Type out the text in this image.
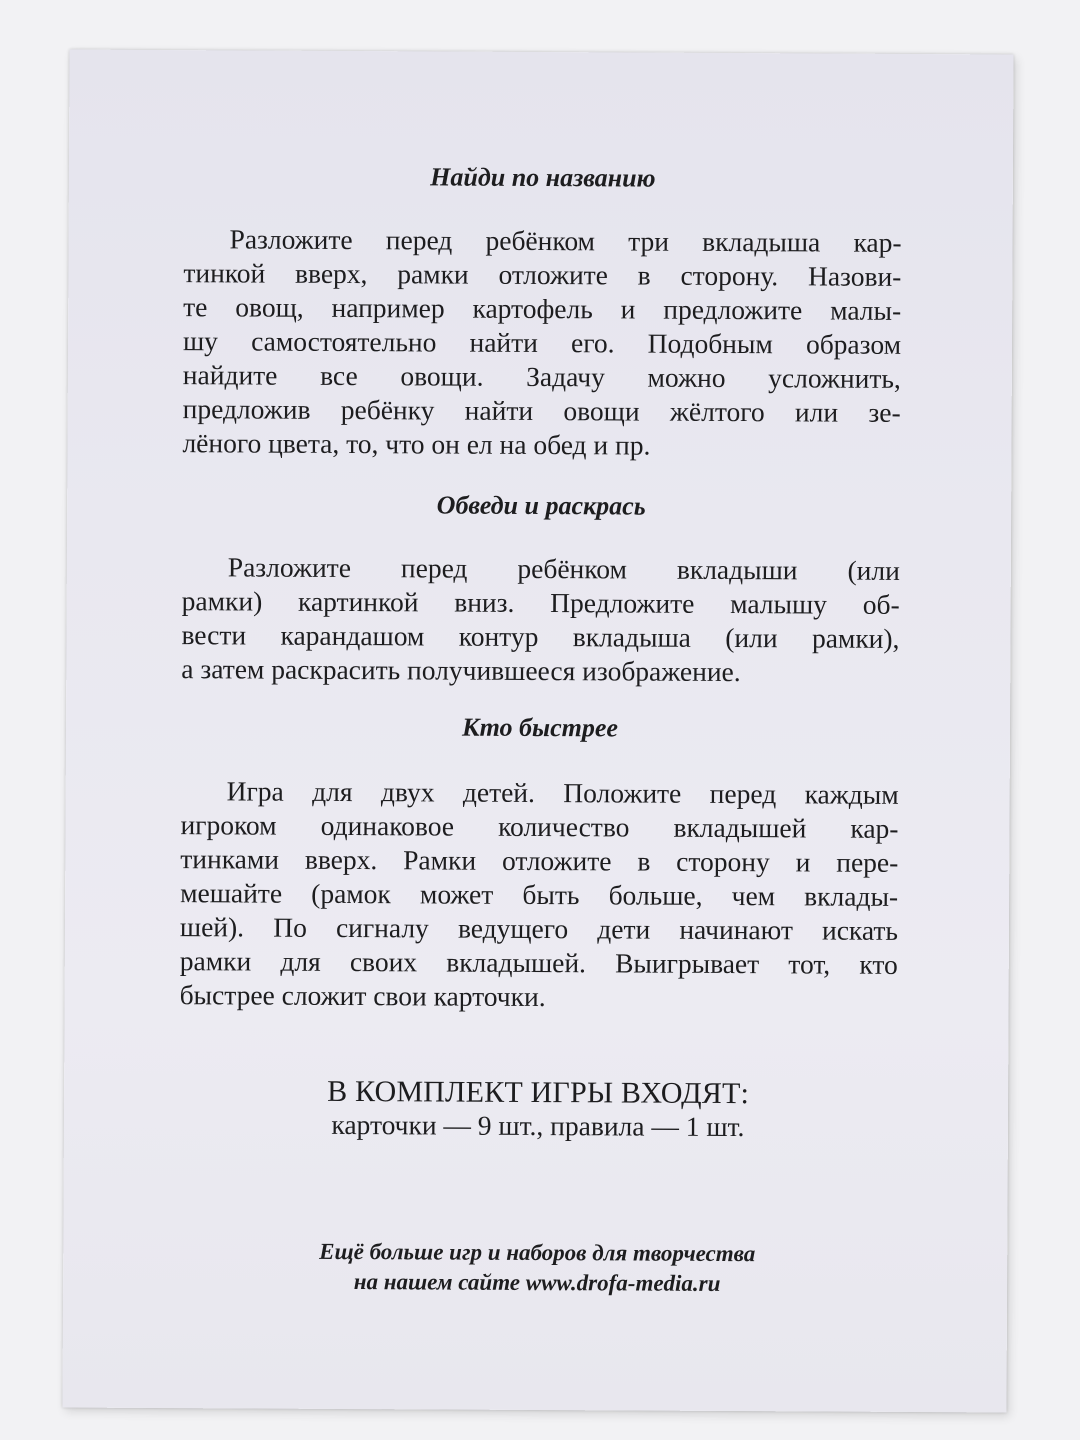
Найди по названию

Разложите перед ребёнком три вкладыша кар-
тинкой вверх, рамки отложите в сторону. Назови-
те овощ, например картофель и предложите малы-
шу самостоятельно найти его. Подобным образом
найдите все овощи. Задачу можно усложнить,
предложив ребёнку найти овощи жёлтого или зе-
лёного цвета, то, что он ел на обед и пр.

Обведи и раскрась

Разложите перед ребёнком вкладыши (или
рамки) картинкой вниз. Предложите малышу об-
вести карандашом контур вкладыша (или рамки),
а затем раскрасить получившееся изображение.

Кто быстрее

Игра для двух детей. Положите перед каждым
игроком одинаковое количество вкладышей кар-
тинками вверх. Рамки отложите в сторону и пере-
мешайте (рамок может быть больше, чем вклады-
шей). По сигналу ведущего дети начинают искать
рамки для своих вкладышей. Выигрывает тот, кто
быстрее сложит свои карточки.

В КОМПЛЕКТ ИГРЫ ВХОДЯТ:
карточки — 9 шт., правила — 1 шт.
Ещё больше игр и наборов для творчества
на нашем сайте www.drofa-media.ru
